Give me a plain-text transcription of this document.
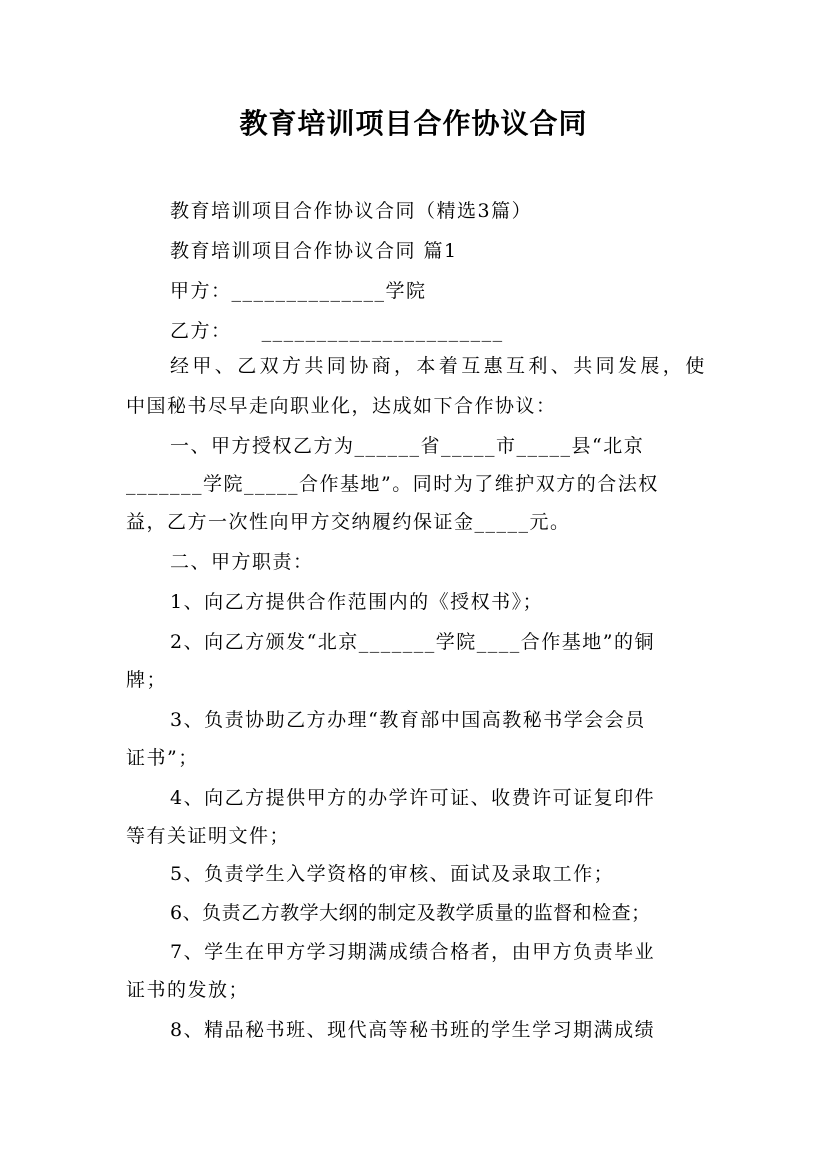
教育培训项目合作协议合同
教育培训项目合作协议合同（精选3篇）
教育培训项目合作协议合同 篇1
甲方：______________学院
乙方：    ______________________
经甲、乙双方共同协商，本着互惠互利、共同发展，使
中国秘书尽早走向职业化，达成如下合作协议：
一、甲方授权乙方为______省_____市_____县“北京
_______学院_____合作基地”。同时为了维护双方的合法权
益，乙方一次性向甲方交纳履约保证金_____元。
二、甲方职责：
1、向乙方提供合作范围内的《授权书》；
2、向乙方颁发“北京_______学院____合作基地”的铜
牌；
3、负责协助乙方办理“教育部中国高教秘书学会会员
证书”；
4、向乙方提供甲方的办学许可证、收费许可证复印件
等有关证明文件；
5、负责学生入学资格的审核、面试及录取工作；
6、负责乙方教学大纲的制定及教学质量的监督和检查；
7、学生在甲方学习期满成绩合格者，由甲方负责毕业
证书的发放；
8、精品秘书班、现代高等秘书班的学生学习期满成绩
